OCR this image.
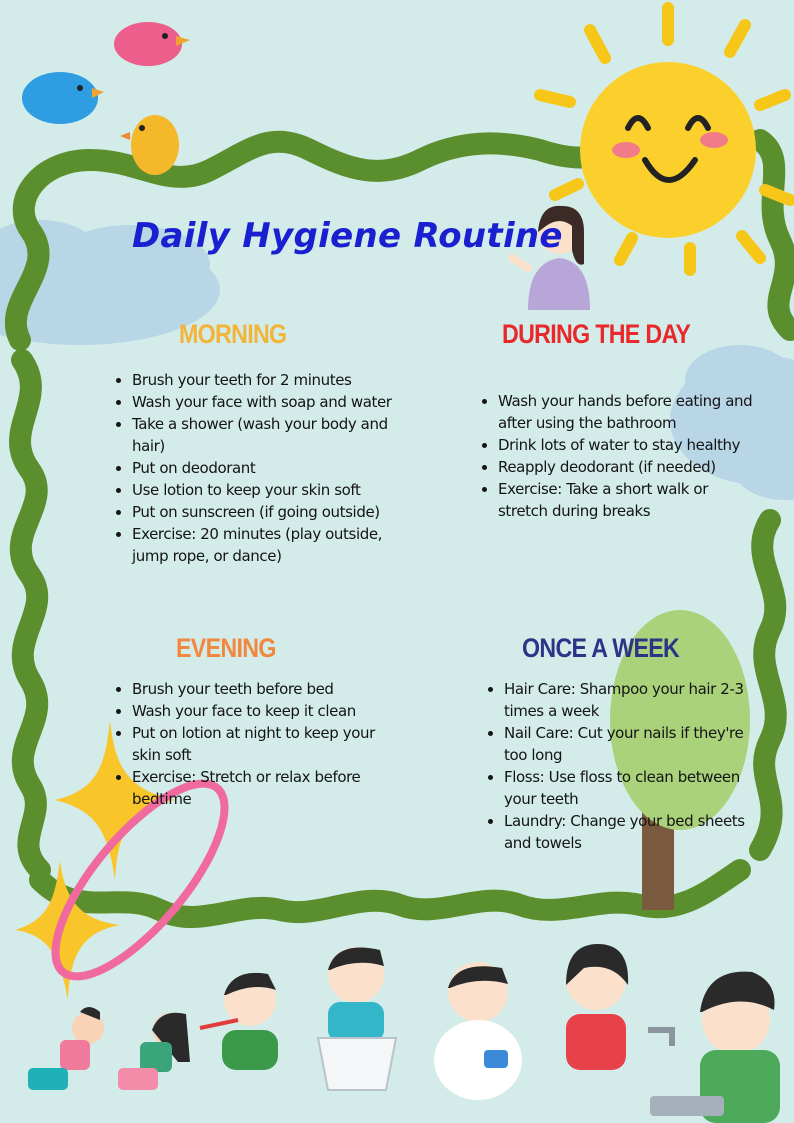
Daily Hygiene Routine
MORNING
• Brush your teeth for 2 minutes
• Wash your face with soap and water
• Take a shower (wash your body and hair)
• Put on deodorant
• Use lotion to keep your skin soft
• Put on sunscreen (if going outside)
• Exercise: 20 minutes (play outside, jump rope, or dance)
DURING THE DAY
• Wash your hands before eating and after using the bathroom
• Drink lots of water to stay healthy
• Reapply deodorant (if needed)
• Exercise: Take a short walk or stretch during breaks
EVENING
• Brush your teeth before bed
• Wash your face to keep it clean
• Put on lotion at night to keep your skin soft
• Exercise: Stretch or relax before bedtime
ONCE A WEEK
• Hair Care: Shampoo your hair 2-3 times a week
• Nail Care: Cut your nails if they're too long
• Floss: Use floss to clean between your teeth
• Laundry: Change your bed sheets and towels
